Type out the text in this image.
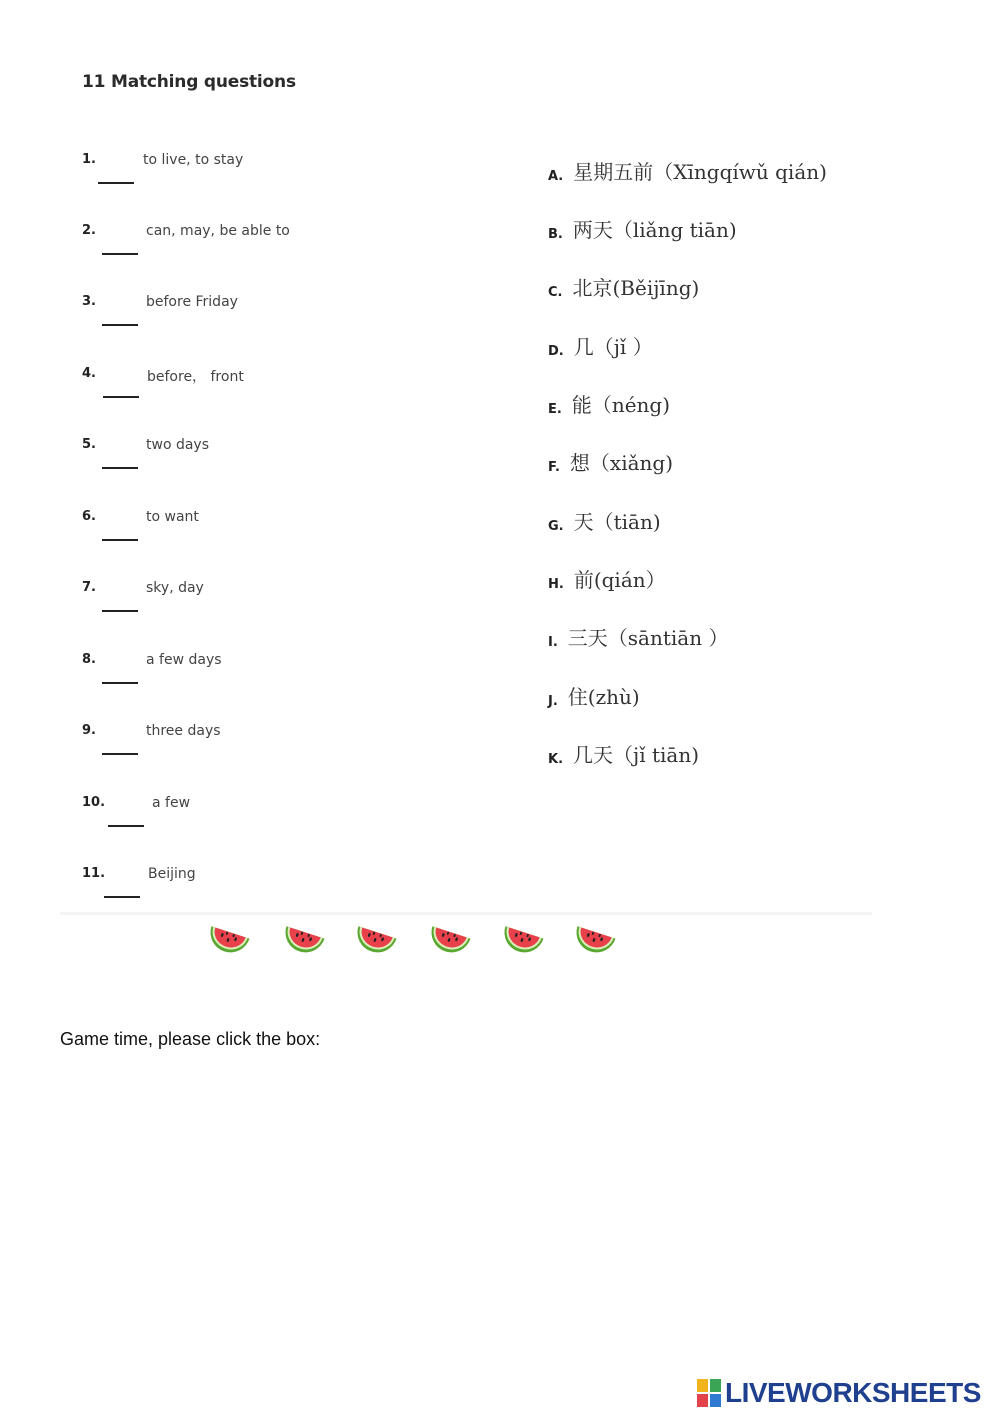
11 Matching questions
1.	to live, to stay
2.	can, may, be able to
3.	before Friday
4.	before， front
5.	two days
6.	to want
7.	sky, day
8.	a few days
9.	three days
10.	a few
11.	Beijing
A. 星期五前（Xīngqíwǔ qián)
B. 两天（liǎng tiān)
C. 北京(Běijīng)
D. 几（jǐ ）
E. 能（néng)
F. 想（xiǎng)
G. 天（tiān)
H. 前(qián）
I. 三天（sāntiān ）
J. 住(zhù)
K. 几天（jǐ tiān)
Game time, please click the box:
LIVEWORKSHEETS
